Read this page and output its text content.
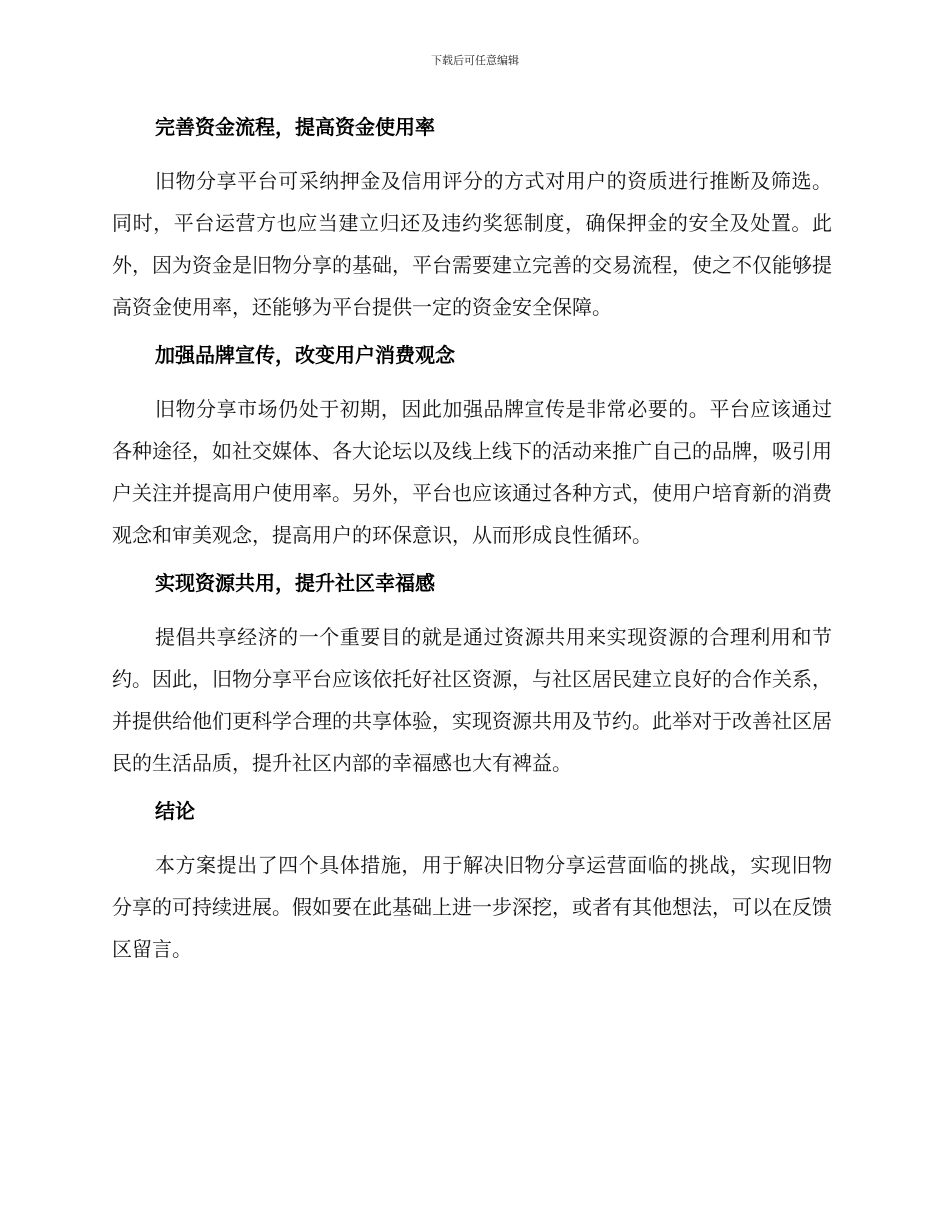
下载后可任意编辑
完善资金流程，提高资金使用率

旧物分享平台可采纳押金及信用评分的方式对用户的资质进行推断及筛选。同时，平台运营方也应当建立归还及违约奖惩制度，确保押金的安全及处置。此外，因为资金是旧物分享的基础，平台需要建立完善的交易流程，使之不仅能够提高资金使用率，还能够为平台提供一定的资金安全保障。

加强品牌宣传，改变用户消费观念

旧物分享市场仍处于初期，因此加强品牌宣传是非常必要的。平台应该通过各种途径，如社交媒体、各大论坛以及线上线下的活动来推广自己的品牌，吸引用户关注并提高用户使用率。另外，平台也应该通过各种方式，使用户培育新的消费观念和审美观念，提高用户的环保意识，从而形成良性循环。

实现资源共用，提升社区幸福感

提倡共享经济的一个重要目的就是通过资源共用来实现资源的合理利用和节约。因此，旧物分享平台应该依托好社区资源，与社区居民建立良好的合作关系，并提供给他们更科学合理的共享体验，实现资源共用及节约。此举对于改善社区居民的生活品质，提升社区内部的幸福感也大有裨益。

结论

本方案提出了四个具体措施，用于解决旧物分享运营面临的挑战，实现旧物分享的可持续进展。假如要在此基础上进一步深挖，或者有其他想法，可以在反馈区留言。
